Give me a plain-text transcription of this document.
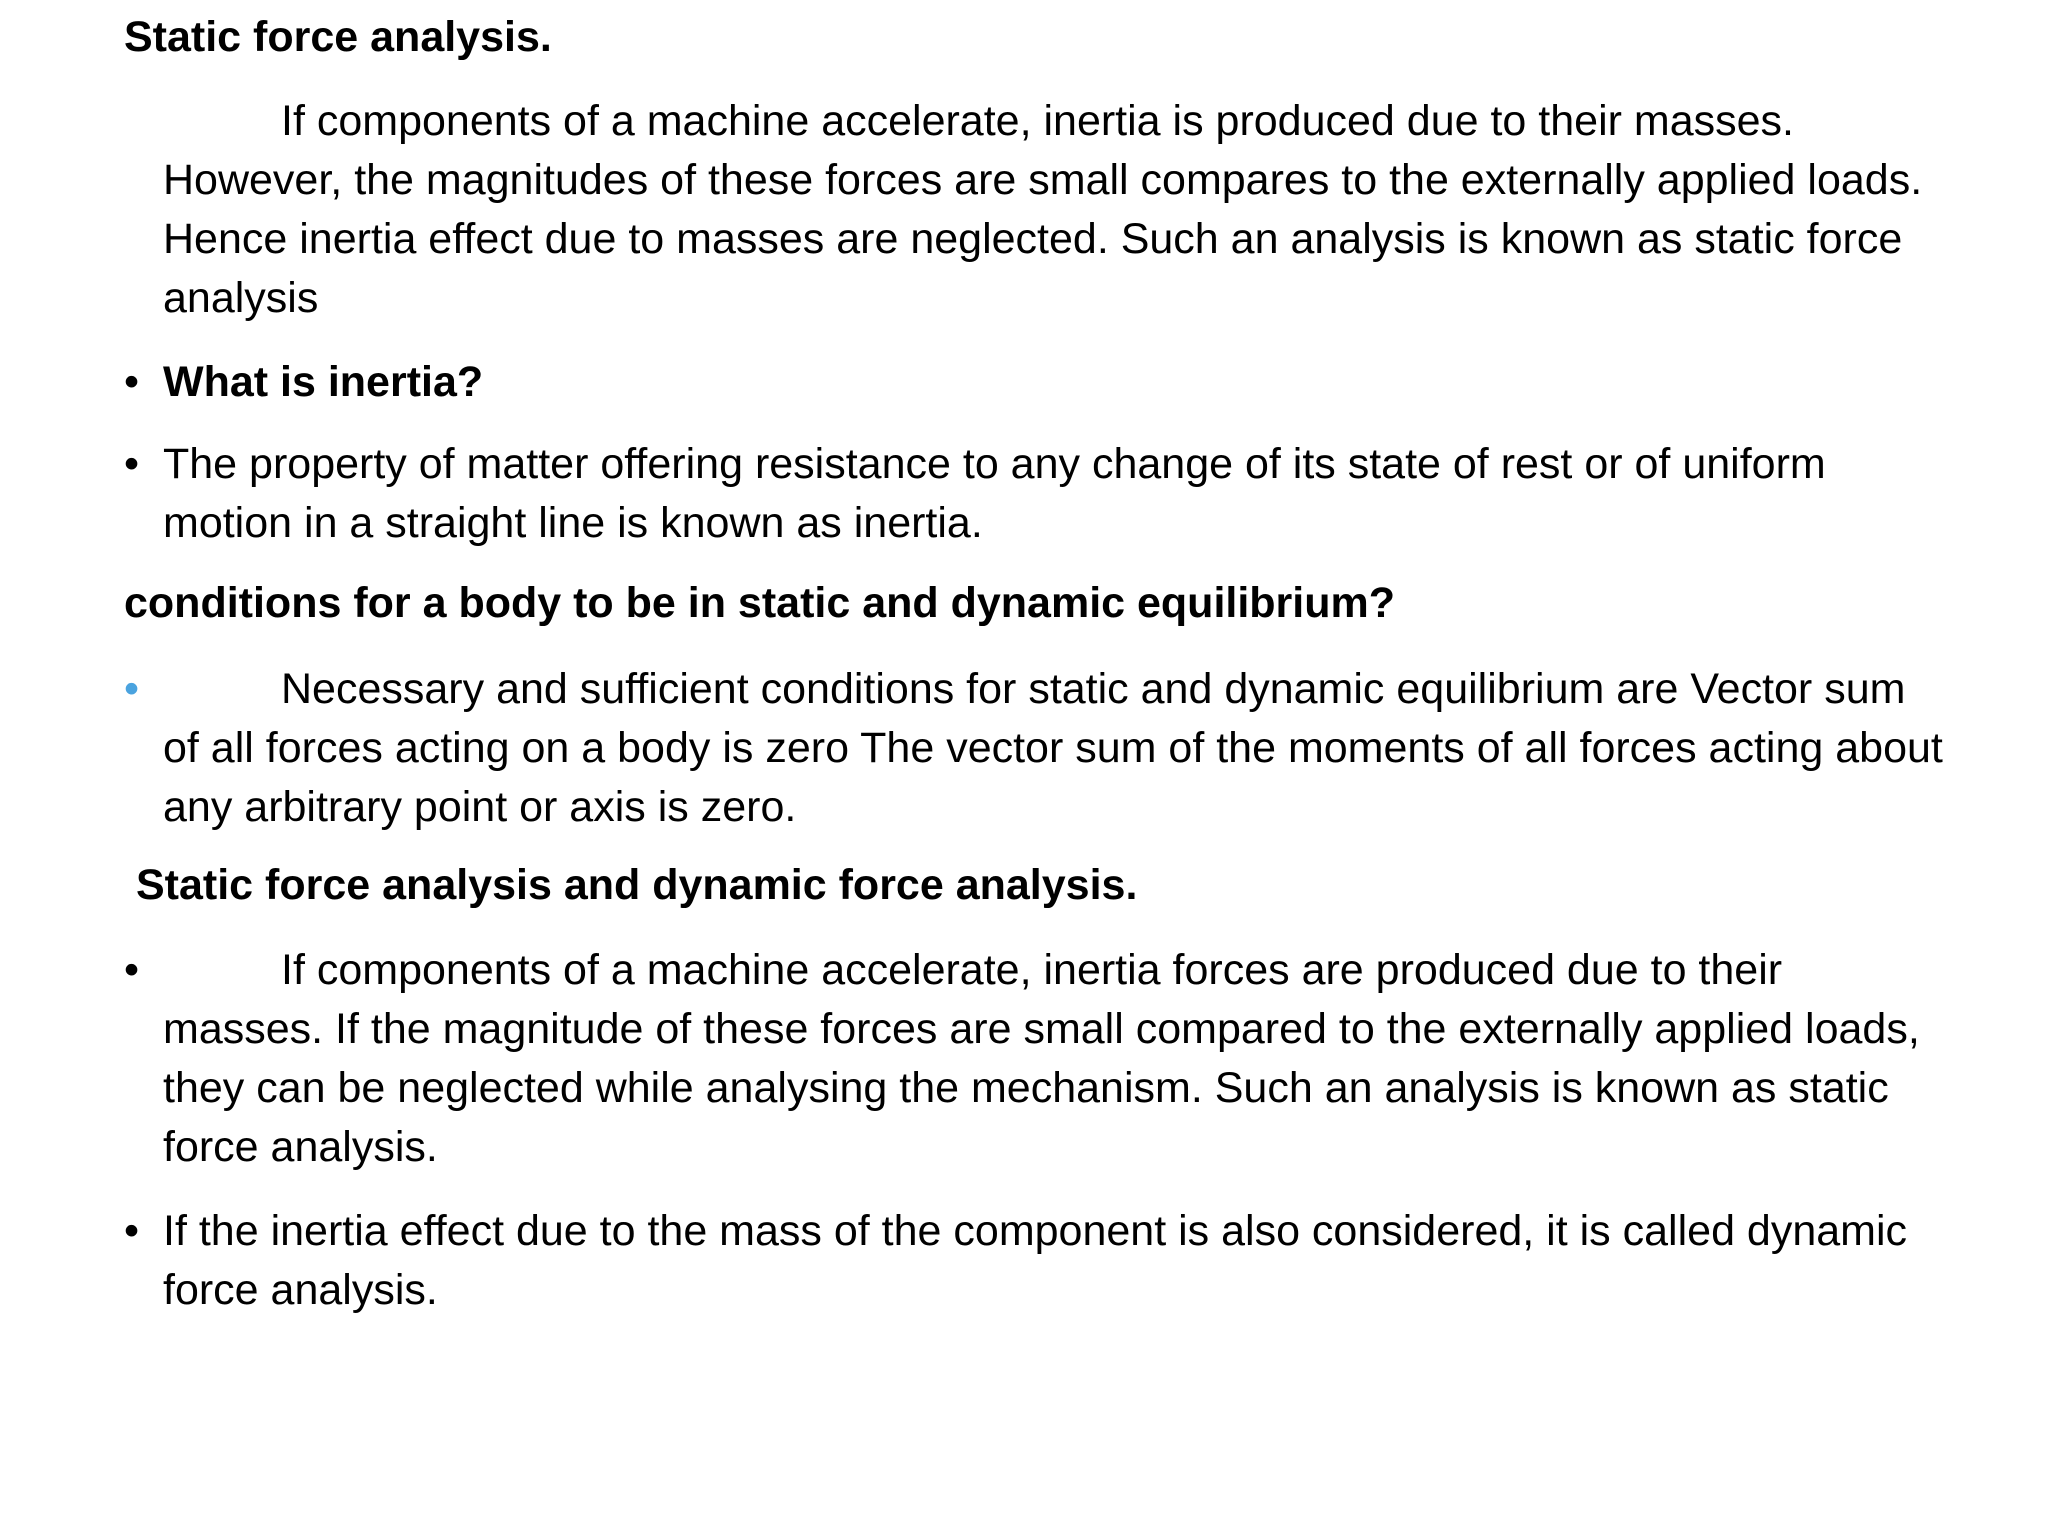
Static force analysis.

If components of a machine accelerate, inertia is produced due to their masses. However, the magnitudes of these forces are small compares to the externally applied loads. Hence inertia effect due to masses are neglected. Such an analysis is known as static force analysis

• What is inertia?
• The property of matter offering resistance to any change of its state of rest or of uniform motion in a straight line is known as inertia.
conditions for a body to be in static and dynamic equilibrium?
•	Necessary and sufficient conditions for static and dynamic equilibrium are Vector sum of all forces acting on a body is zero The vector sum of the moments of all forces acting about any arbitrary point or axis is zero.

Static force analysis and dynamic force analysis.
•	If components of a machine accelerate, inertia forces are produced due to their masses. If the magnitude of these forces are small compared to the externally applied loads, they can be neglected while analysing the mechanism. Such an analysis is known as static force analysis.

• If the inertia effect due to the mass of the component is also considered, it is called dynamic force analysis.
